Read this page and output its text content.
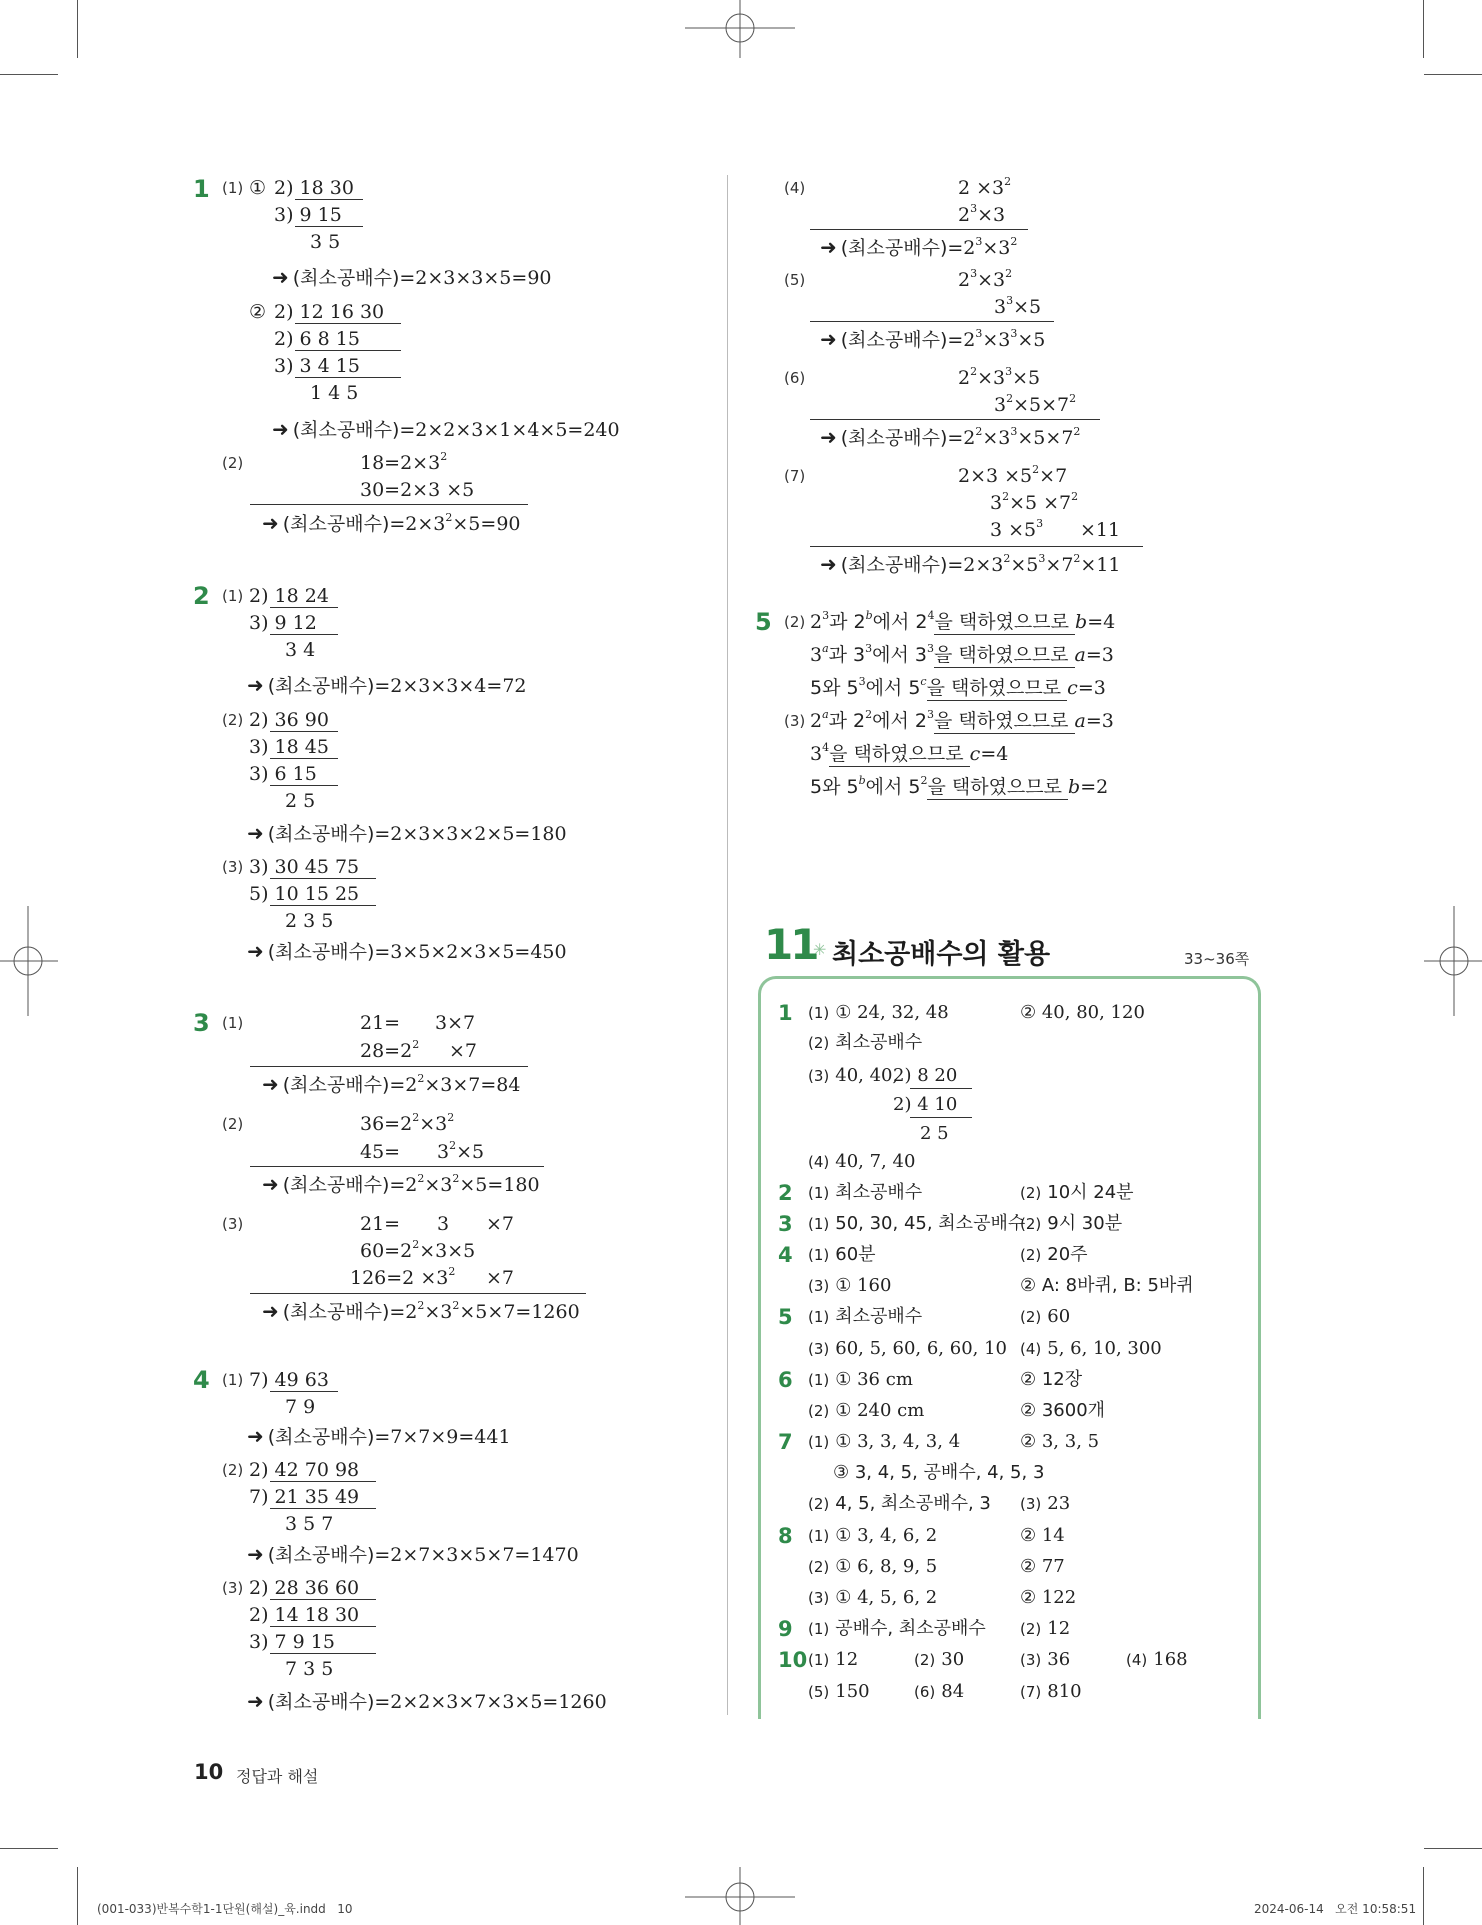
1 (1) ① 2) 18 30
3) 9 15
3 5
➜ (최소공배수)=2×3×3×5=90
② 2) 12 16 30
2) 6 8 15
3) 3 4 15
1 4 5
➜ (최소공배수)=2×2×3×1×4×5=240
(2)	$18=2\times 3^2$
30=2×3 ×5
➜ (최소공배수)$=2\times 3^2\times 5=90$
2 (1) 2) 18 24
3) 9 12
3 4
➜ (최소공배수)=2×3×3×4=72
(2) 2) 36 90
3) 18 45
3) 6 15
2 5
➜ (최소공배수)=2×3×3×2×5=180
(3) 3) 30 45 75
5) 10 15 25
2 3 5
➜ (최소공배수)=3×5×2×3×5=450
3 (1)	21= 3×7
$28=2^2 \times 7$
➜ (최소공배수)$=2^2\times 3\times 7=84$
(2)	$36=2^2\times 3^2$
$45= 3^2\times 5$
➜ (최소공배수)$=2^2\times 3^2\times 5=180$
(3)	21= 3 ×7
$60=2^2\times 3\times 5$
$126=2 \times 3^2 \times 7$
➜ (최소공배수)$=2^2\times 3^2\times 5\times 7=1260$
4 (1) 7) 49 63
7 9
➜ (최소공배수)=7×7×9=441
(2) 2) 42 70 98
7) 21 35 49
3 5 7
➜ (최소공배수)=2×7×3×5×7=1470
(3) 2) 28 36 60
2) 14 18 30
3) 7 9 15
7 3 5
➜ (최소공배수)=2×2×3×7×3×5=1260
(4)	$2 \times 3^2$
$2^3\times 3$
➜ (최소공배수)$=2^3\times 3^2$
(5)	$2^3\times 3^2$
$3^3\times 5$
➜ (최소공배수)$=2^3\times 3^3\times 5$
(6)	$2^2\times 3^3\times 5$
$3^2\times 5\times 7^2$
➜ (최소공배수)$=2^2\times 3^3\times 5\times 7^2$
(7)	$2\times 3 \times 5^2\times 7$
$3^2\times 5 \times 7^2$
$3 \times 5^3 \times 11$
➜ (최소공배수)$=2\times 3^2\times 5^3\times 7^2\times 11$
5 (2) $2^3$과 2$^b$에서 $2^4$을 택하였으므로 b=4
3$^a$과 $3^3$에서 $3^3$을 택하였으므로 a=3
5와 $5^3$에서 5$^c$을 택하였으므로 c=3
(3) 2$^a$과 $2^2$에서 $2^3$을 택하였으므로 a=3
$3^4$을 택하였으므로 c=4
5와 5$^b$에서 $5^2$을 택하였으므로 b=2
11
✳ 최소공배수의 활용	33~36쪽
1 (1) ① 24, 32, 48	② 40, 80, 120
(2) 최소공배수
(3) 40, 40,
2) 8 20
2) 4 10
2 5
(4) 40, 7, 40
2 (1) 최소공배수	(2) 10시 24분
3 (1) 50, 30, 45, 최소공배수
(2) 9시 30분
4 (1) 60분	(2) 20주
(3) ① 160	② A: 8바퀴, B: 5바퀴
5 (1) 최소공배수	(2) 60
(3) 60, 5, 60, 6, 60, 10 (4) 5, 6, 10, 300
6 (1) ① 36 cm	② 12장
(2) ① 240 cm	② 3600개
7 (1) ① 3, 3, 4, 3, 4	② 3, 3, 5
③ 3, 4, 5, 공배수, 4, 5, 3
(2) 4, 5, 최소공배수, 3 (3) 23
8 (1) ① 3, 4, 6, 2	② 14
(2) ① 6, 8, 9, 5	② 77
(3) ① 4, 5, 6, 2	② 122
9 (1) 공배수, 최소공배수 (2) 12
10 (1) 12	(2) 30	(3) 36	(4) 168
(5) 150	(6) 84	(7) 810
10 정답과 해설
(001-033)반복수학1-1단원(해설)_육.indd   10	2024-06-14   오전 10:58:51
